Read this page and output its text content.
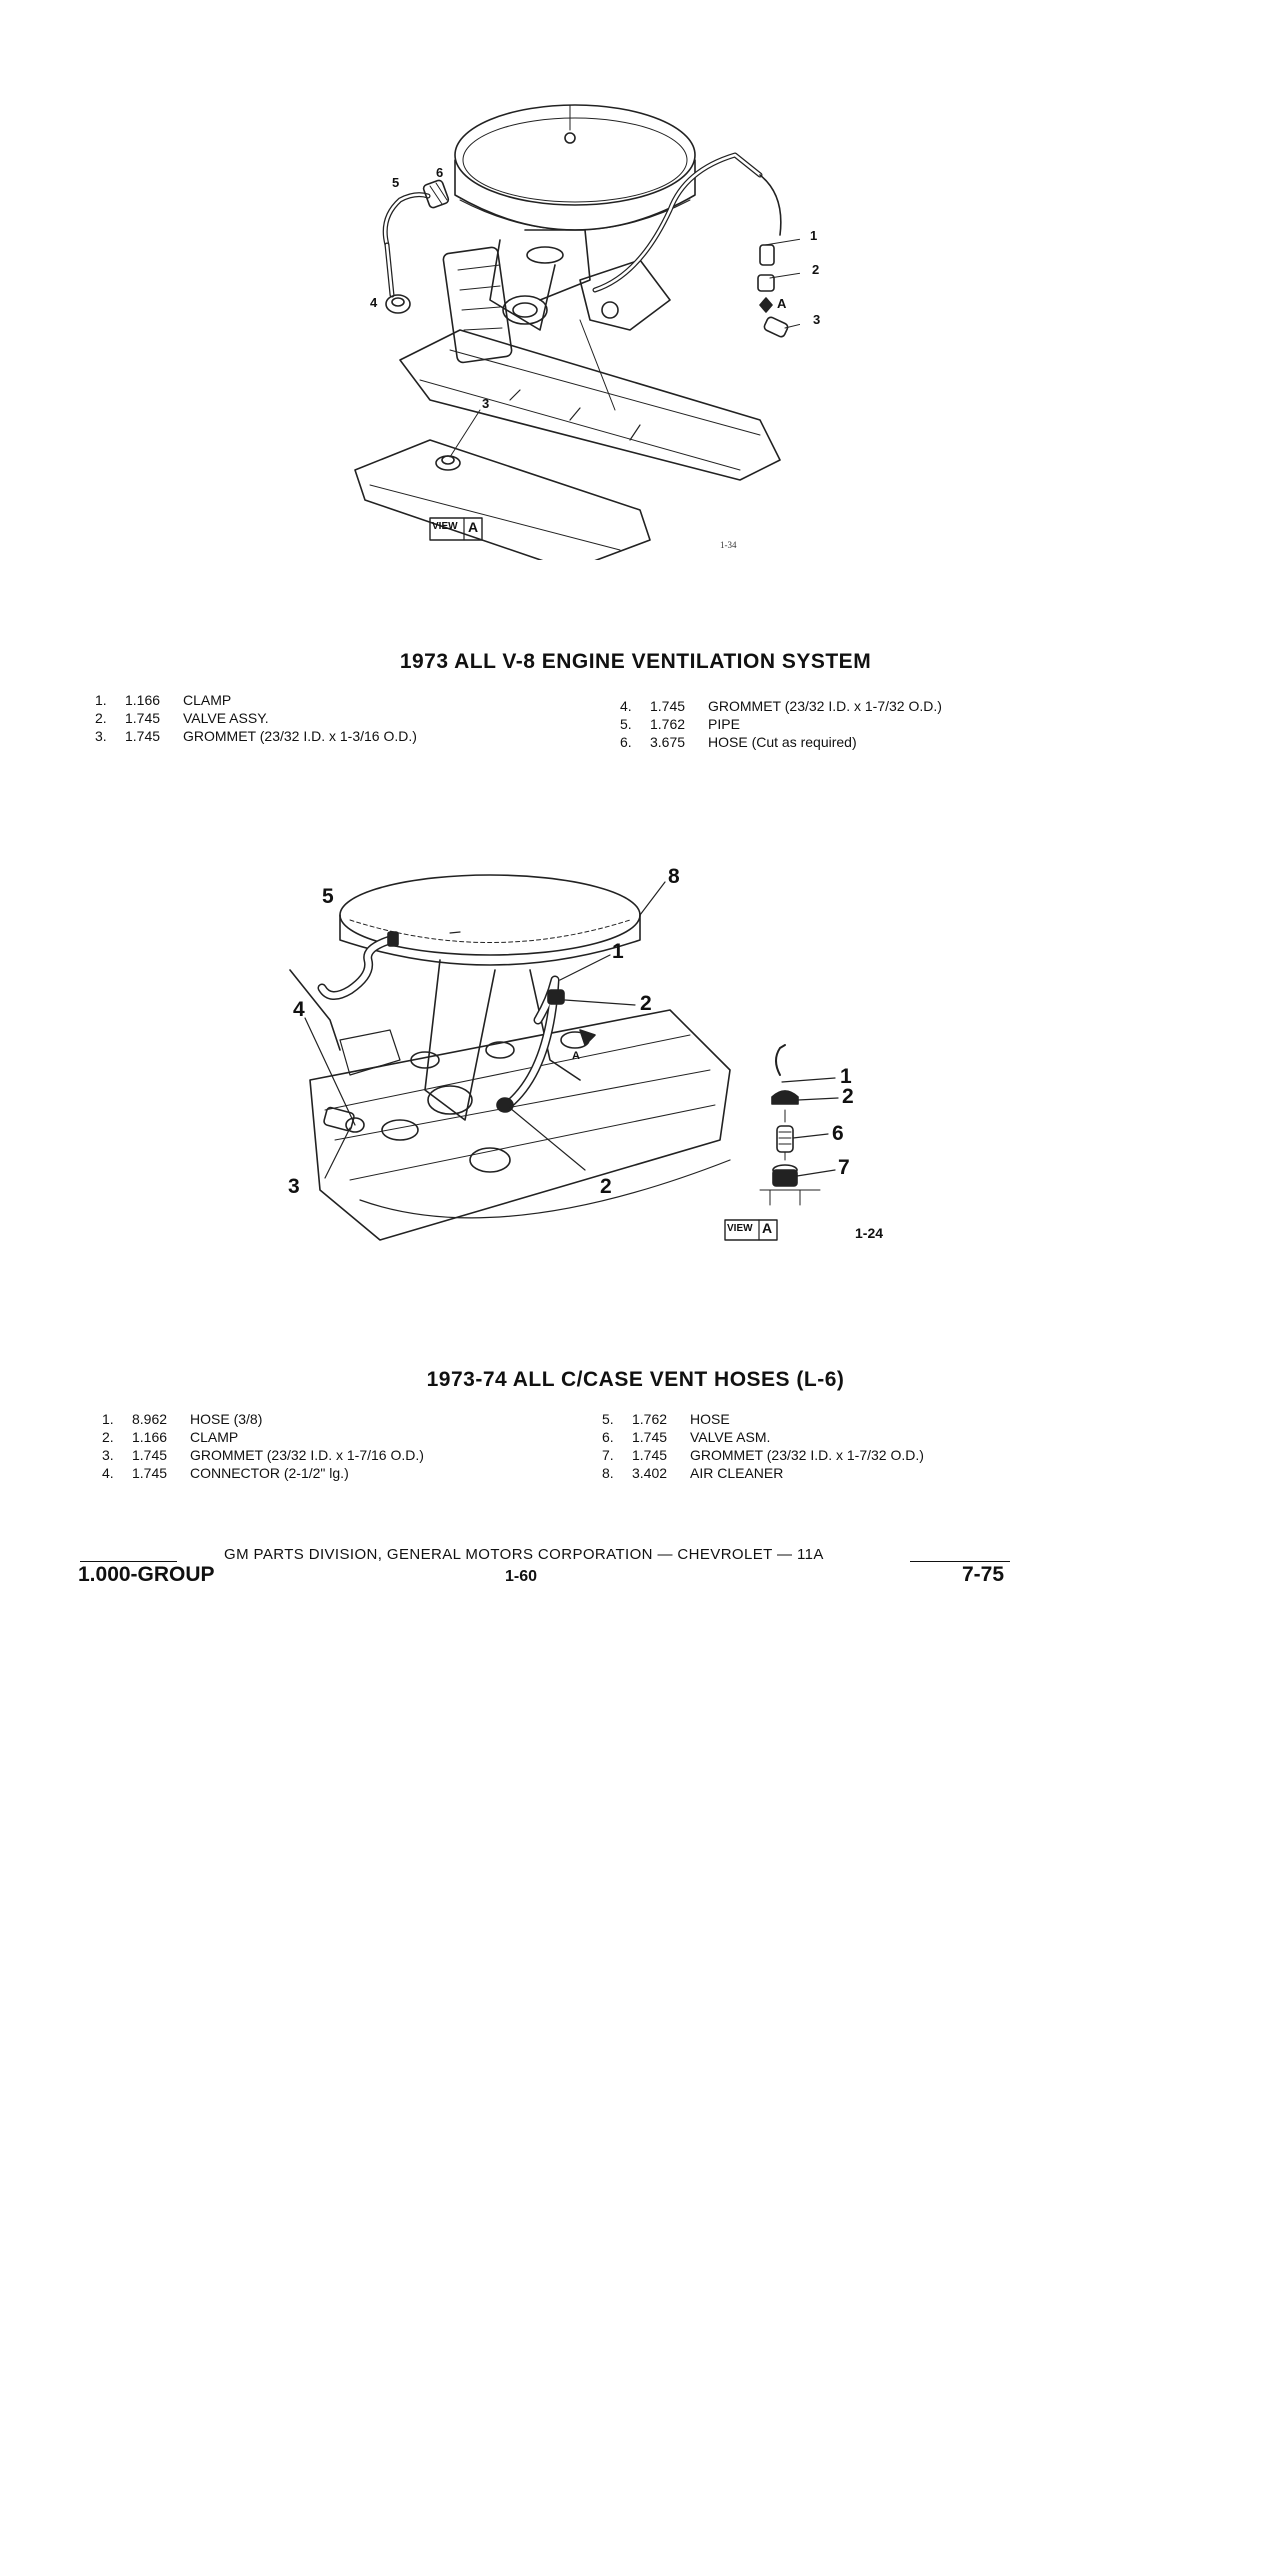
1
2
3
4
5
6
3
A
VIEW A
1-34
1973 ALL V-8 ENGINE VENTILATION SYSTEM
1.	1.166	CLAMP
2.	1.745	VALVE ASSY.
3.	1.745	GROMMET (23/32 I.D. x 1-3/16 O.D.)
4.	1.745	GROMMET (23/32 I.D. x 1-7/32 O.D.)
5.	1.762	PIPE
6.	3.675	HOSE (Cut as required)
5
8
1
2
4
3	2
A
1
2
6
7
VIEW A	1-24
1973-74 ALL C/CASE VENT HOSES (L-6)
1.	8.962	HOSE (3/8)
2.	1.166	CLAMP
3.	1.745	GROMMET (23/32 I.D. x 1-7/16 O.D.)
4.	1.745	CONNECTOR (2-1/2" lg.)
5.	1.762	HOSE
6.	1.745	VALVE ASM.
7.	1.745	GROMMET (23/32 I.D. x 1-7/32 O.D.)
8.	3.402	AIR CLEANER
GM PARTS DIVISION, GENERAL MOTORS CORPORATION — CHEVROLET — 11A
1.000-GROUP	1-60	7-75
